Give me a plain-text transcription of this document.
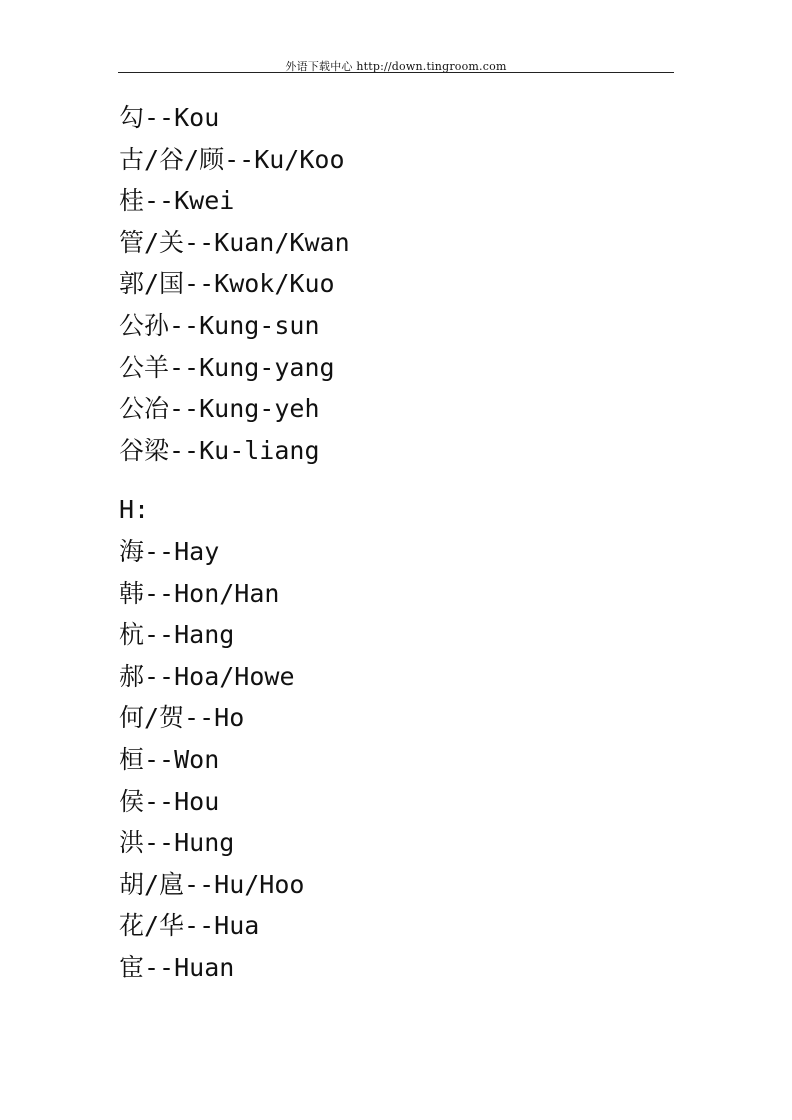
外语下载中心 http://down.tingroom.com
勾--Kou
古/谷/顾--Ku/Koo
桂--Kwei
管/关--Kuan/Kwan
郭/国--Kwok/Kuo
公孙--Kung-sun
公羊--Kung-yang
公冶--Kung-yeh
谷梁--Ku-liang
H:
海--Hay
韩--Hon/Han
杭--Hang
郝--Hoa/Howe
何/贺--Ho
桓--Won
侯--Hou
洪--Hung
胡/扈--Hu/Hoo
花/华--Hua
宦--Huan
